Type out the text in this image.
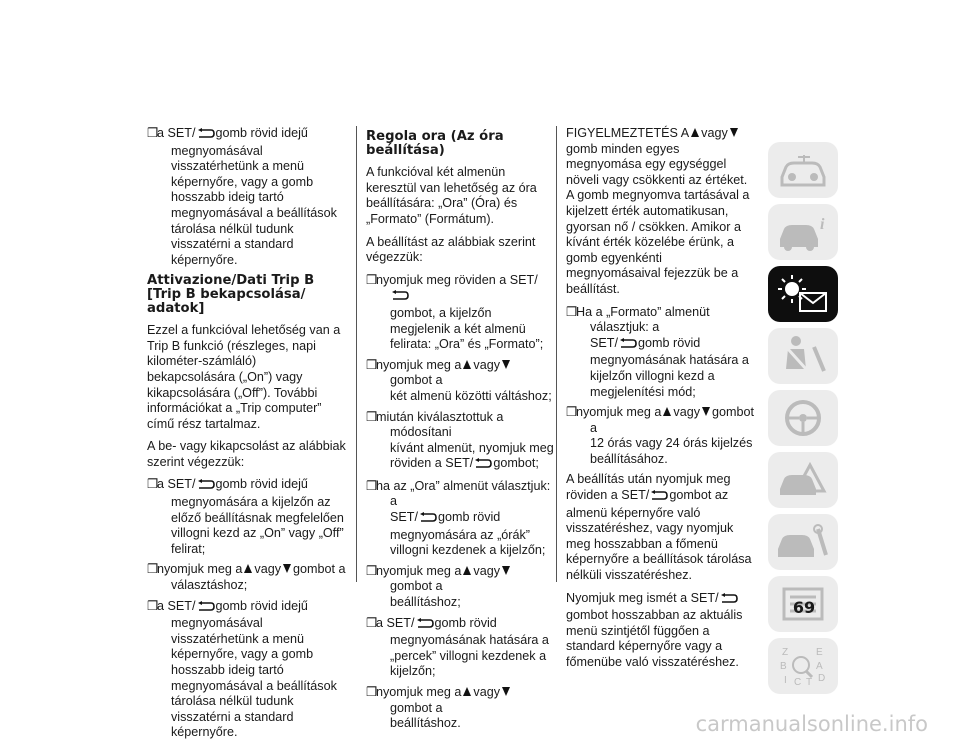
❒
a SET/ gomb rövid idejű
megnyomásával visszatérhetünk a menü képernyőre, vagy a gomb hosszabb ideig tartó megnyomásával a beállítások tárolása nélkül tudunk visszatérni a standard képernyőre.
Attivazione/Dati Trip B [Trip B bekapcsolása/ adatok]

Ezzel a funkcióval lehetőség van a Trip B funkció (részleges, napi kilométer-számláló) bekapcsolására („On”) vagy kikapcsolására („Off”). További információkat a „Trip computer” című rész tartalmaz.

A be- vagy kikapcsolást az alábbiak szerint végezzük:

❒
a SET/ gomb rövid idejű
megnyomására a kijelzőn az előző beállításnak megfelelően villogni kezd az „On” vagy „Off” felirat;
❒
nyomjuk meg a vagy gombot a
választáshoz;
❒
a SET/ gomb rövid idejű
megnyomásával visszatérhetünk a menü képernyőre, vagy a gomb hosszabb ideig tartó megnyomásával a beállítások tárolása nélkül tudunk visszatérni a standard képernyőre.
Regola ora (Az óra beállítása)

A funkcióval két almenün keresztül van lehetőség az óra beállítására: „Ora” (Óra) és „Formato” (Formátum).

A beállítást az alábbiak szerint végezzük:

❒
nyomjuk meg röviden a SET/
gombot, a kijelzőn megjelenik a két almenü felirata: „Ora” és „Formato”;
❒
nyomjuk meg a vagygombot a
két almenü közötti váltáshoz;
❒
miután kiválasztottuk a módosítani
kívánt almenüt, nyomjuk meg röviden a SET/ gombot;
❒
ha az „Ora” almenüt választjuk: a
SET/ gomb rövid megnyomására az „órák” villogni kezdenek a kijelzőn;
❒
nyomjuk meg a vagygombot a
beállításhoz;
❒
a SET/ gomb rövid
megnyomásának hatására a „percek” villogni kezdenek a kijelzőn;
❒
nyomjuk meg a vagygombot a
beállításhoz.

FIGYELMEZTETÉS A vagygomb minden egyes megnyomása egy egységgel növeli vagy csökkenti az értéket. A gomb megnyomva tartásával a kijelzett érték automatikusan, gyorsan nő / csökken. Amikor a kívánt érték közelébe érünk, a gomb egyenkénti megnyomásaival fejezzük be a beállítást.

❒
Ha a „Formato” almenüt választjuk: a
SET/ gomb rövid megnyomásának hatására a kijelzőn villogni kezd a megjelenítési mód;
❒
nyomjuk meg a vagy gombot a
12 órás vagy 24 órás kijelzés beállításához.

A beállítás után nyomjuk meg röviden a SET/ gombot az almenü képernyőre való visszatéréshez, vagy nyomjuk meg hosszabban a főmenü képernyőre a beállítások tárolása nélküli visszatéréshez.

Nyomjuk meg ismét a SET/gombot hosszabban az aktuális menü szintjétől függően a standard képernyőre vagy a főmenübe való visszatéréshez.

i
Z	E
B	A
I C T D
69
carmanualsonline.info
